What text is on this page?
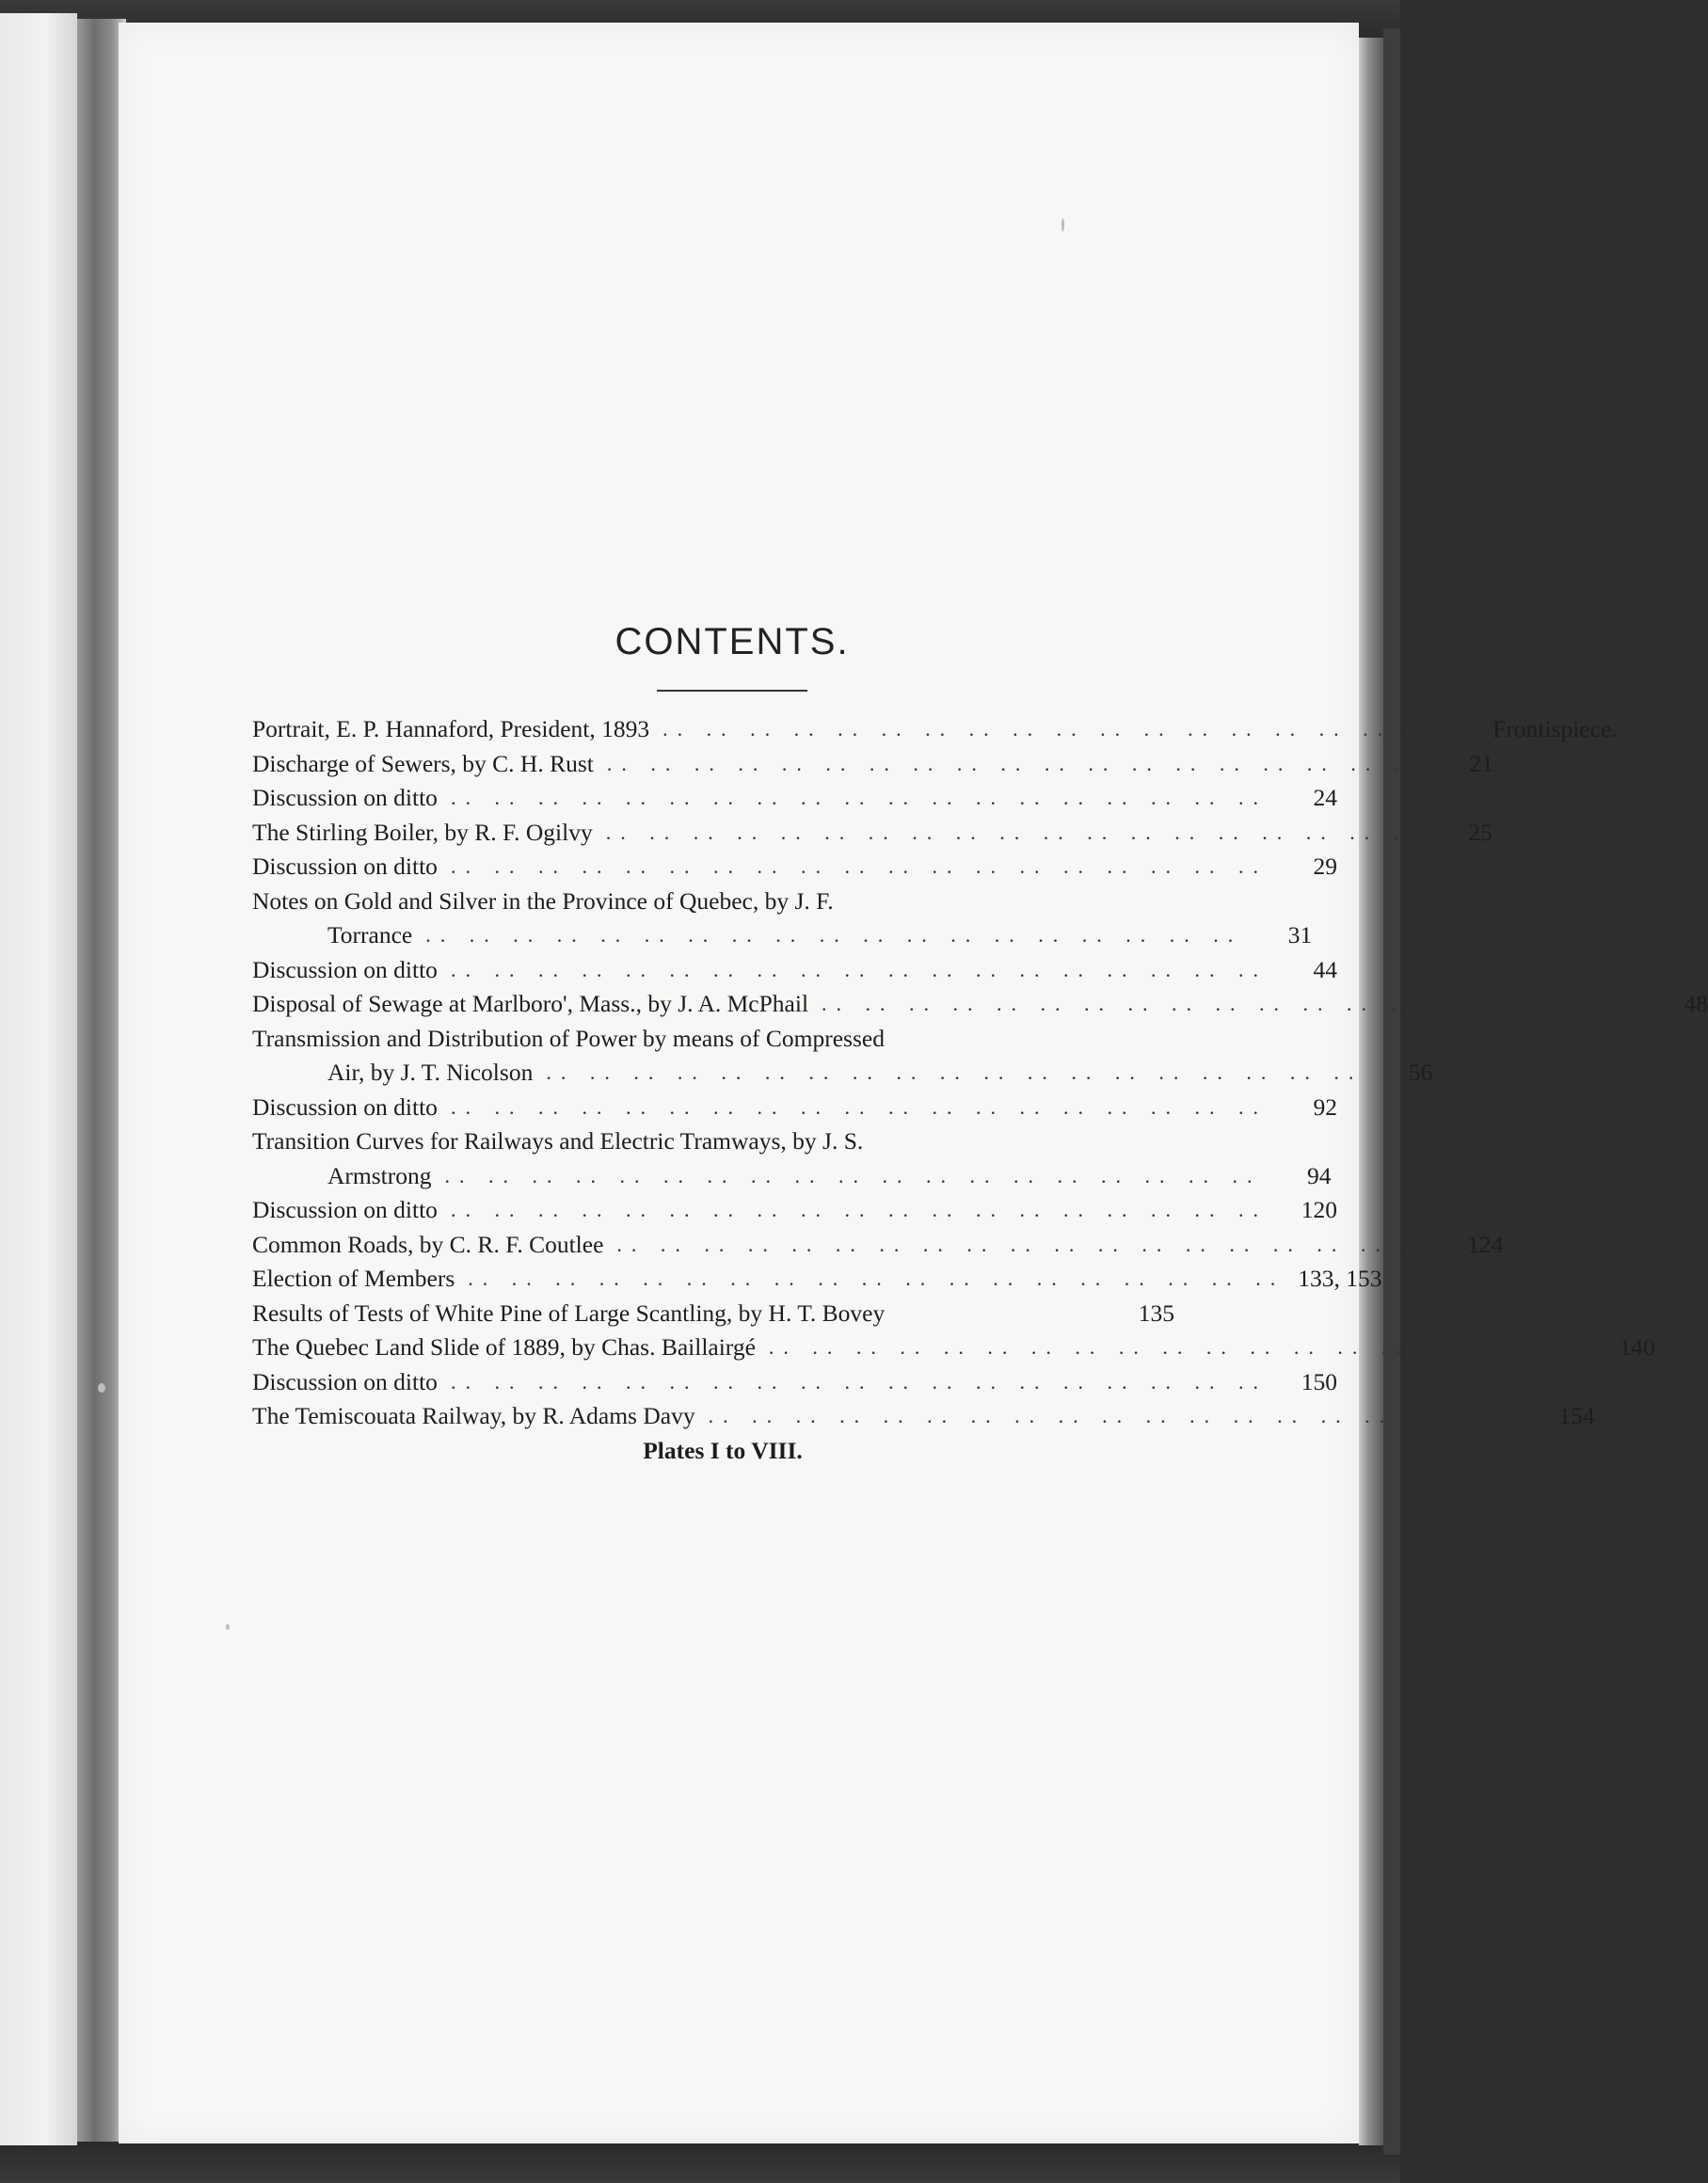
CONTENTS.
Portrait, E. P. Hannaford, President, 1893 .. .. .. .. .. .. .. .. .. .. .. .. .. .. .. .. .. .. .. Frontispiece.
Discharge of Sewers, by C. H. Rust .. .. .. .. .. .. .. .. .. .. .. .. .. .. .. .. .. .. ..	21
Discussion on ditto .. .. .. .. .. .. .. .. .. .. .. .. .. .. .. .. .. .. ..	24
The Stirling Boiler, by R. F. Ogilvy .. .. .. .. .. .. .. .. .. .. .. .. .. .. .. .. .. .. ..	25
Discussion on ditto .. .. .. .. .. .. .. .. .. .. .. .. .. .. .. .. .. .. ..	29
Notes on Gold and Silver in the Province of Quebec, by J. F.
Torrance .. .. .. .. .. .. .. .. .. .. .. .. .. .. .. .. .. .. ..	31
Discussion on ditto .. .. .. .. .. .. .. .. .. .. .. .. .. .. .. .. .. .. ..	44
Disposal of Sewage at Marlboro', Mass., by J. A. McPhail .. .. .. .. .. .. .. .. .. .. .. .. .. .. .. .. .. .. ..	48
Transmission and Distribution of Power by means of Compressed
Air, by J. T. Nicolson .. .. .. .. .. .. .. .. .. .. .. .. .. .. .. .. .. .. ..	56
Discussion on ditto .. .. .. .. .. .. .. .. .. .. .. .. .. .. .. .. .. .. ..	92
Transition Curves for Railways and Electric Tramways, by J. S.
Armstrong .. .. .. .. .. .. .. .. .. .. .. .. .. .. .. .. .. .. ..	94
Discussion on ditto .. .. .. .. .. .. .. .. .. .. .. .. .. .. .. .. .. .. ..	120
Common Roads, by C. R. F. Coutlee .. .. .. .. .. .. .. .. .. .. .. .. .. .. .. .. .. .. ..	124
Election of Members .. .. .. .. .. .. .. .. .. .. .. .. .. .. .. .. .. .. .. 133, 153
Results of Tests of White Pine of Large Scantling, by H. T. Bovey	135
The Quebec Land Slide of 1889, by Chas. Baillairgé .. .. .. .. .. .. .. .. .. .. .. .. .. .. .. .. .. .. ..	140
Discussion on ditto .. .. .. .. .. .. .. .. .. .. .. .. .. .. .. .. .. .. ..	150
The Temiscouata Railway, by R. Adams Davy .. .. .. .. .. .. .. .. .. .. .. .. .. .. .. .. .. .. ..	154
Plates I to VIII.
